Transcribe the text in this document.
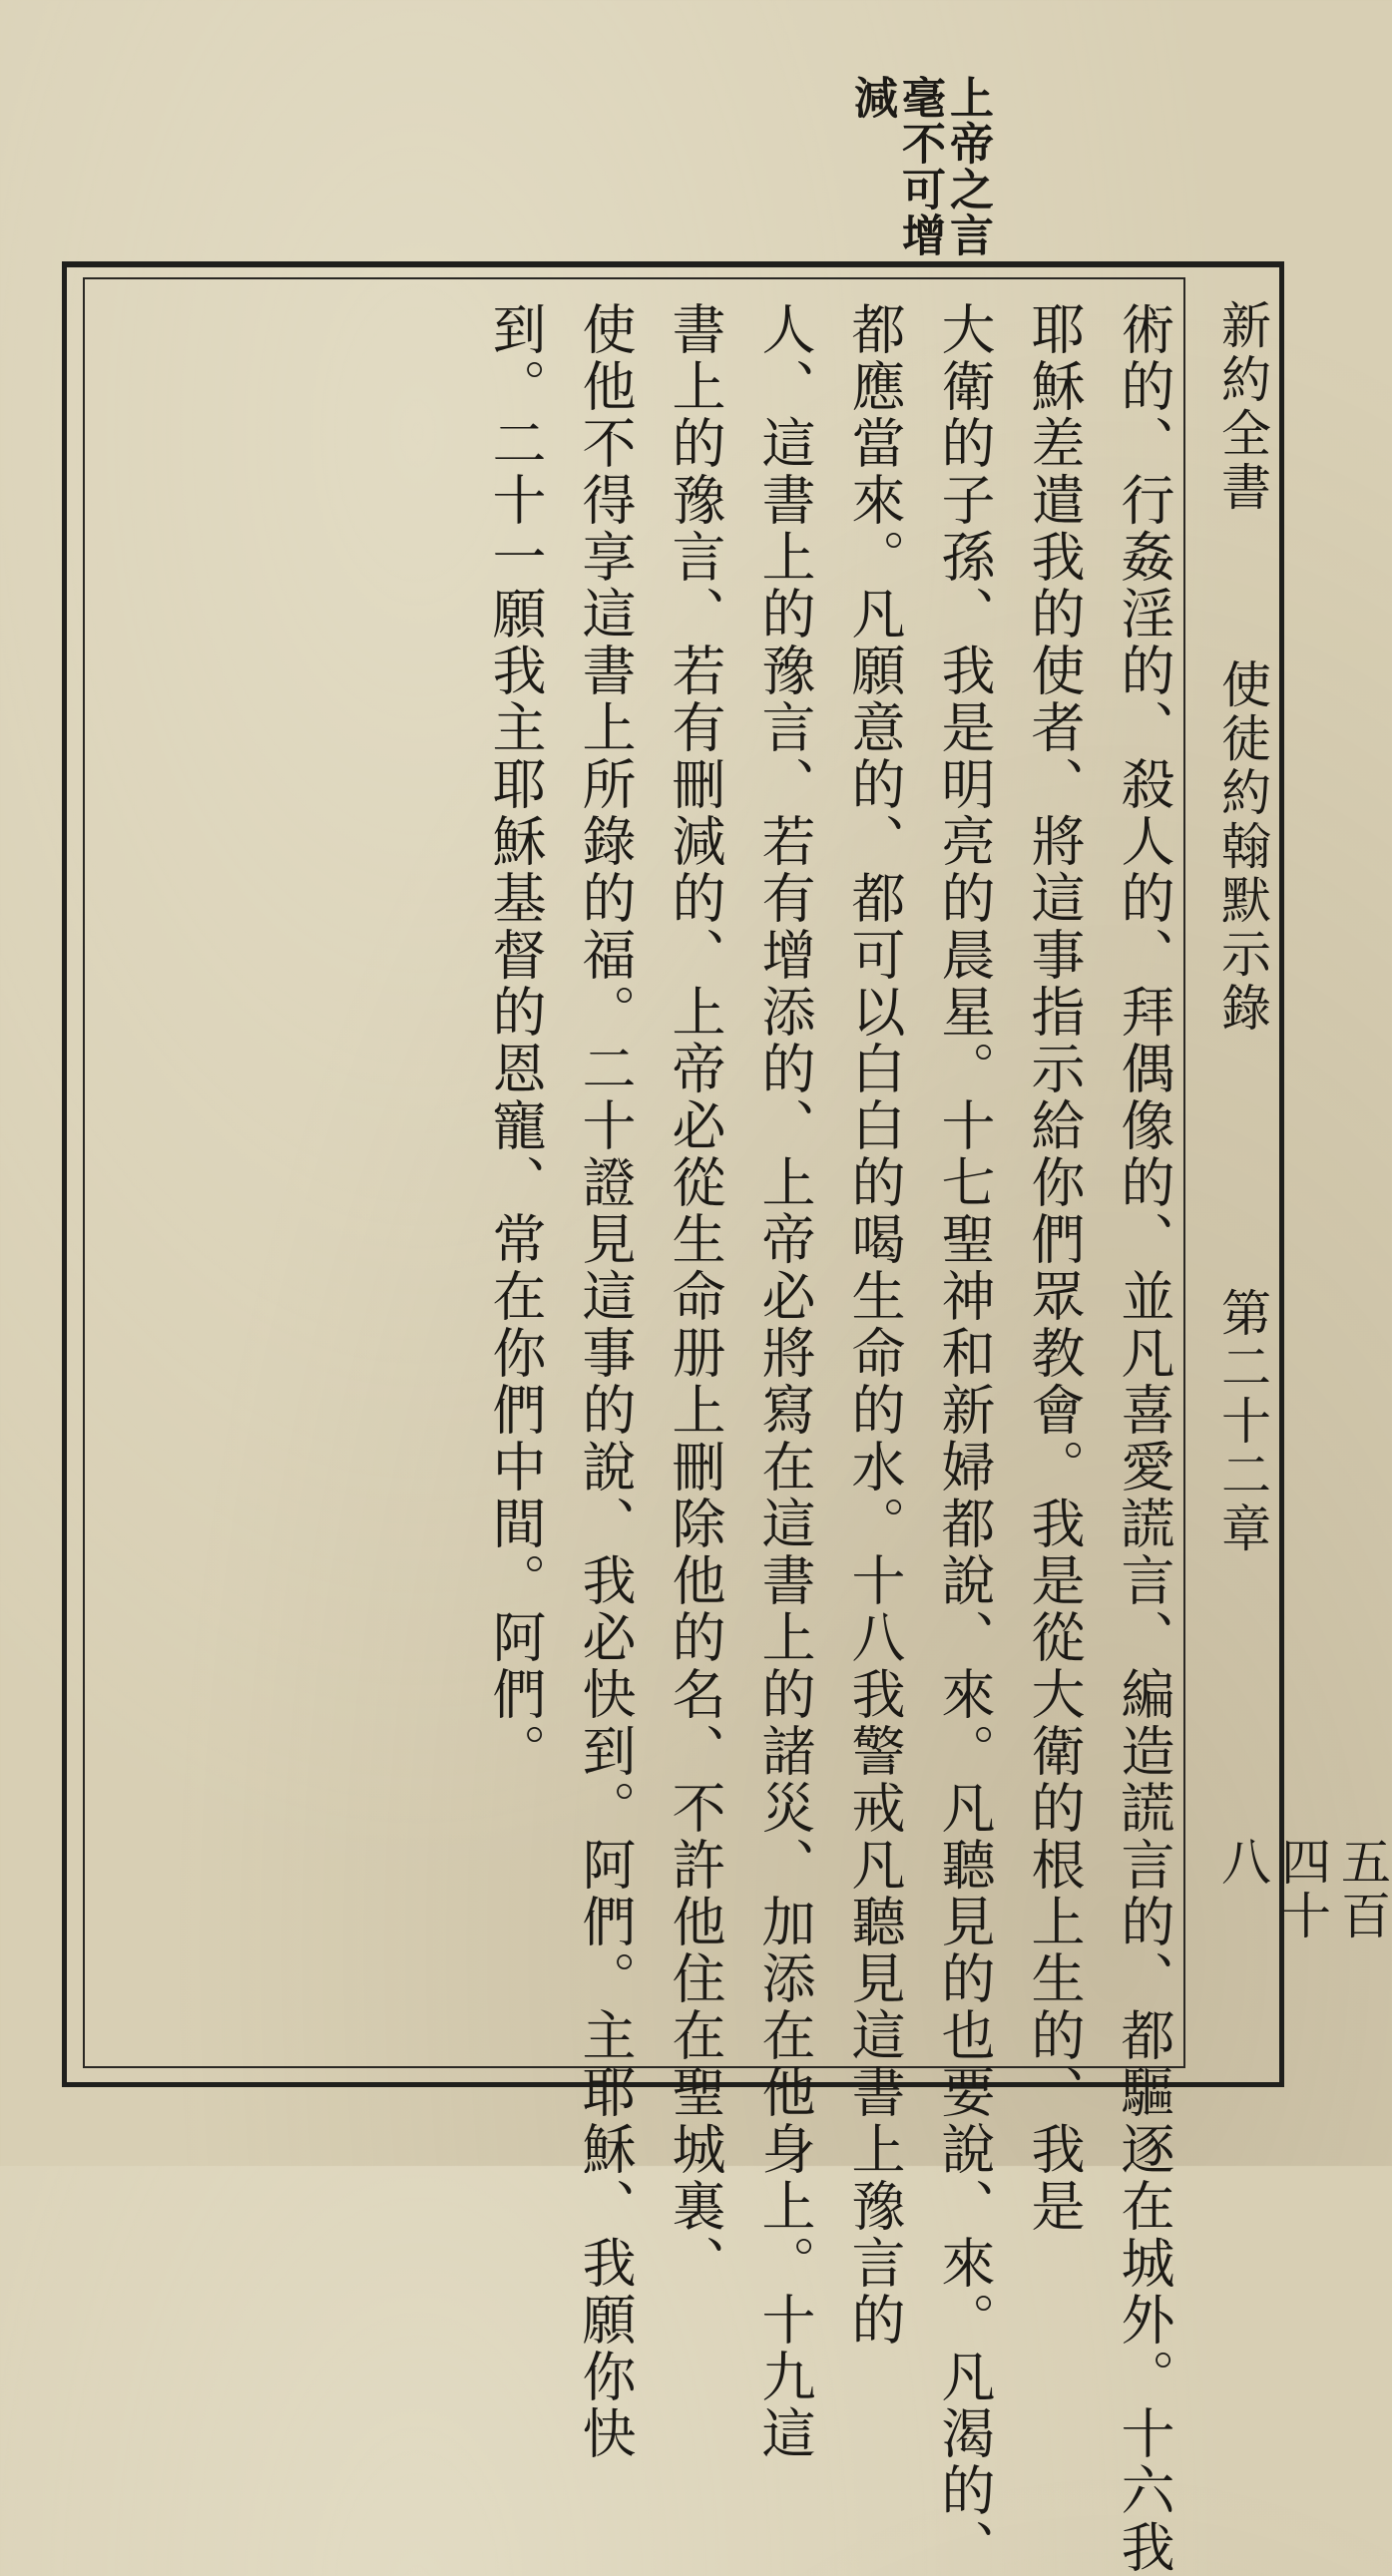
上帝之言
毫不可增
減
新約全書
使徒約翰默示錄
第二十二章
五百四十八
術的、行姦淫的、殺人的、拜偶像的、並凡喜愛謊言、編造謊言的、都驅逐在城外。十六我
耶穌差遣我的使者、將這事指示給你們眾教會。我是從大衛的根上生的、我是
大衛的子孫、我是明亮的晨星。十七聖神和新婦都說、來。凡聽見的也要說、來。凡渴的、
都應當來。凡願意的、都可以白白的喝生命的水。十八我警戒凡聽見這書上豫言的
人、這書上的豫言、若有增添的、上帝必將寫在這書上的諸災、加添在他身上。十九這
書上的豫言、若有刪減的、上帝必從生命册上刪除他的名、不許他住在聖城裏、
使他不得享這書上所錄的福。二十證見這事的說、我必快到。阿們。主耶穌、我願你快
到。二十一願我主耶穌基督的恩寵、常在你們中間。阿們。
